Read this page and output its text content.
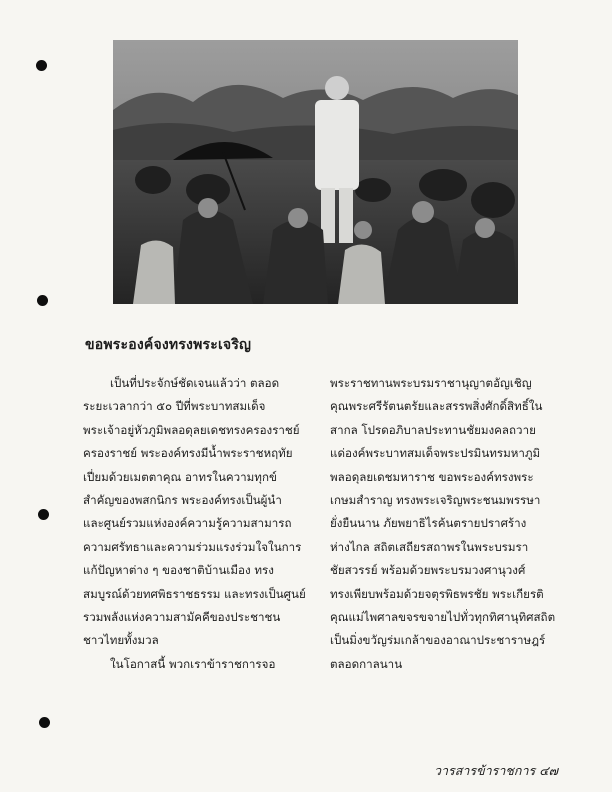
ขอพระองค์จงทรงพระเจริญ
เป็นที่ประจักษ์ชัดเจนแล้วว่า ตลอด
ระยะเวลากว่า ๕๐ ปีที่พระบาทสมเด็จ
พระเจ้าอยู่หัวภูมิพลอดุลยเดชทรงครองราชย์
ครองราชย์ พระองค์ทรงมีน้ำพระราชหฤทัย
เปี่ยมด้วยเมตตาคุณ อาทรในความทุกข์
สำคัญของพสกนิกร พระองค์ทรงเป็นผู้นำ
และศูนย์รวมแห่งองค์ความรู้ความสามารถ
ความศรัทธาและความร่วมแรงร่วมใจในการ
แก้ปัญหาต่าง ๆ ของชาติบ้านเมือง ทรง
สมบูรณ์ด้วยทศพิธราชธรรม และทรงเป็นศูนย์
รวมพลังแห่งความสามัคคีของประชาชน
ชาวไทยทั้งมวล
ในโอกาสนี้ พวกเราข้าราชการจอ
พระราชทานพระบรมราชานุญาตอัญเชิญ
คุณพระศรีรัตนตรัยและสรรพสิ่งศักดิ์สิทธิ์ใน
สากล โปรดอภิบาลประทานชัยมงคลถวาย
แด่องค์พระบาทสมเด็จพระปรมินทรมหาภูมิ
พลอดุลยเดชมหาราช ขอพระองค์ทรงพระ
เกษมสำราญ ทรงพระเจริญพระชนมพรรษา
ยั่งยืนนาน ภัยพยาธิไรค้นตรายปราศร้าง
ห่างไกล สถิตเสถียรสถาพรในพระบรมรา
ชัยสวรรย์ พร้อมด้วยพระบรมวงศานุวงศ์
ทรงเพียบพร้อมด้วยจตุรพิธพรชัย พระเกียรติ
คุณแม่ไพศาลขจรขจายไปทั่วทุกทิศานุทิศสถิต
เป็นมิ่งขวัญร่มเกล้าของอาณาประชาราษฎร์
ตลอดกาลนาน
วารสารข้าราชการ ๔๗
